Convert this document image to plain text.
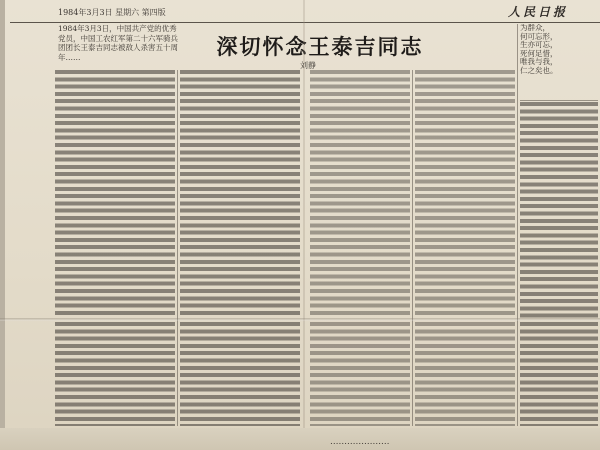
1984年3月3日 星期六 第四版	人民日报
1984年3月3日，中国共产党的优秀党员，中国工农红军第二十六军骑兵团团长王泰吉同志被敌人杀害五十周年……	深切怀念王泰吉同志
刘静
为群众，
何可忘形，
生亦可忘，
死何足惜，
唯我与我，
仁之矣也。
…………………
